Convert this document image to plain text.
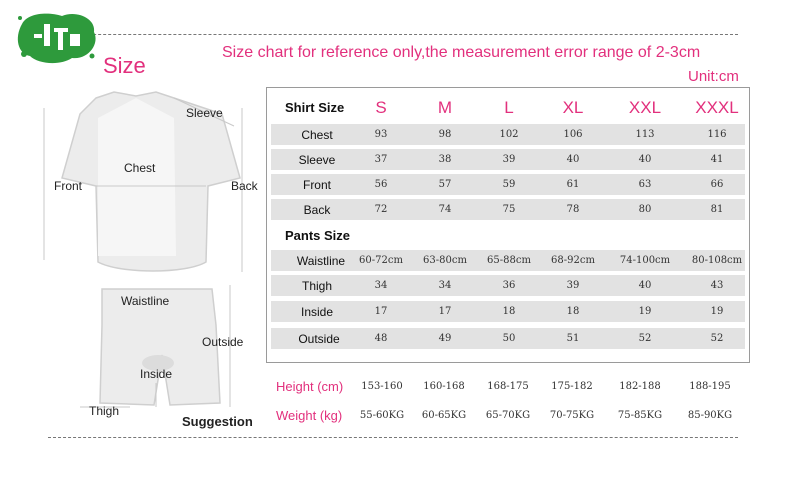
Size
Size chart for reference only,the measurement error range of 2-3cm
Unit:cm
Sleeve
Chest
Front	Back
Waistline
Outside
Inside
Thigh
Suggestion
Shirt Size	S	M	L	XL	XXL	XXXL
Chest	93	98	102	106	113	116
Sleeve	37	38	39	40	40	41
Front	56	57	59	61	63	66
Back	72	74	75	78	80	81
Pants Size
Waistline	60-72cm 63-80cm 65-88cm 68-92cm 74-100cm 80-108cm
Thigh	34	34	36	39	40	43
Inside	17	17	18	18	19	19
Outside	48	49	50	51	52	52
Height (cm)	153-160	160-168	168-175	175-182	182-188	188-195
Weight (kg)	55-60KG	60-65KG	65-70KG	70-75KG	75-85KG	85-90KG
